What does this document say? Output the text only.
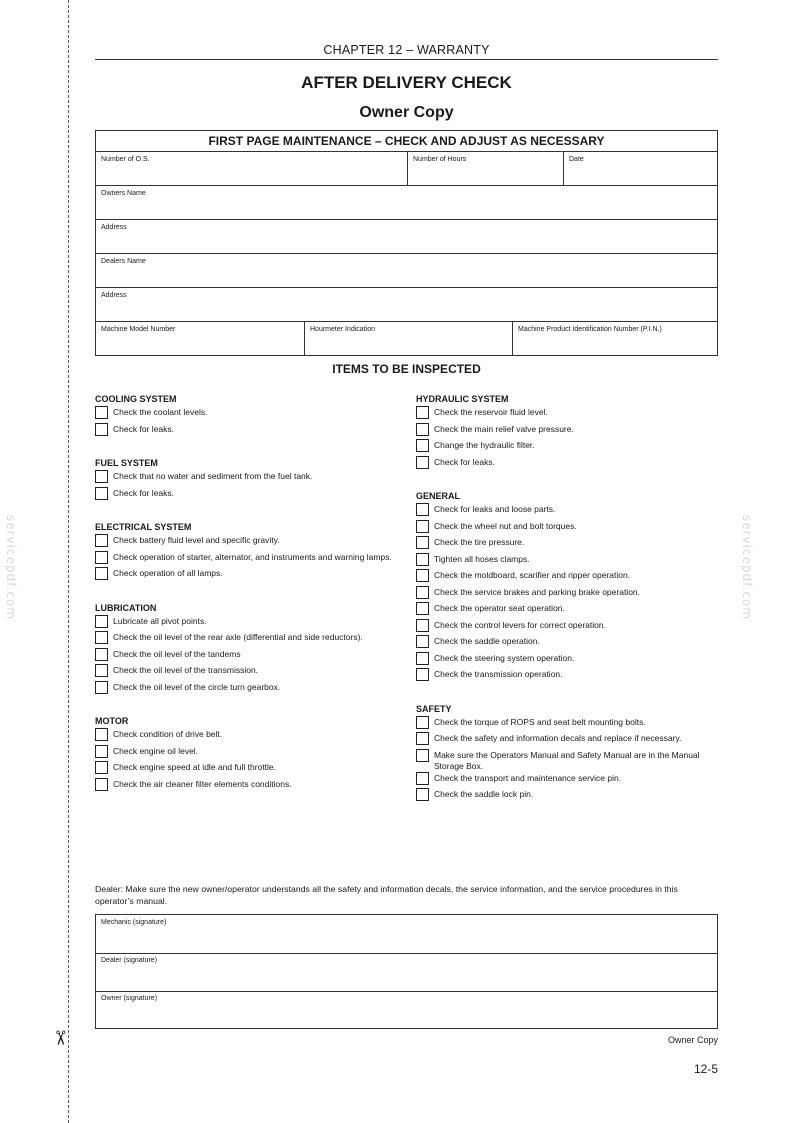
✂
servicepdf.com	servicepdf.com
CHAPTER 12 – WARRANTY
AFTER DELIVERY CHECK
Owner Copy
FIRST PAGE MAINTENANCE – CHECK AND ADJUST AS NECESSARY
Number of O.S.	Number of Hours	Date
Owners Name
Address
Dealers Name
Address
Machine Model Number	Hourmeter Indication	Machine Product Identification Number (P.I.N.)
ITEMS TO BE INSPECTED
COOLING SYSTEM
Check the coolant levels.
Check for leaks.
FUEL SYSTEM
Check that no water and sediment from the fuel tank.
Check for leaks.
ELECTRICAL SYSTEM
Check battery fluid level and specific gravity.
Check operation of starter, alternator, and instruments and warning lamps.
Check operation of all lamps.
LUBRICATION
Lubricate all pivot points.
Check the oil level of the rear axle (differential and side reductors).
Check the oil level of the tandems
Check the oil level of the transmission.
Check the oil level of the circle turn gearbox.
MOTOR
Check condition of drive belt.
Check engine oil level.
Check engine speed at idle and full throttle.
Check the air cleaner filter elements conditions.
HYDRAULIC SYSTEM
Check the reservoir fluid level.
Check the main relief valve pressure.
Change the hydraulic filter.
Check for leaks.
GENERAL
Check for leaks and loose parts.
Check the wheel nut and bolt torques.
Check the tire pressure.
Tighten all hoses clamps.
Check the moldboard, scarifier and ripper operation.
Check the service brakes and parking brake operation.
Check the operator seat operation.
Check the control levers for correct operation.
Check the saddle operation.
Check the steering system operation.
Check the transmission operation.
SAFETY
Check the torque of ROPS and seat belt mounting bolts.
Check the safety and information decals and replace if necessary.
Make sure the Operators Manual and Safety Manual are in the Manual Storage Box.
Check the transport and maintenance service pin.
Check the saddle lock pin.
Dealer: Make sure the new owner/operator understands all the safety and information decals, the service information, and the service procedures in this operator’s manual.
Mechanic (signature)
Dealer (signature)
Owner (signature)
Owner Copy
12-5
